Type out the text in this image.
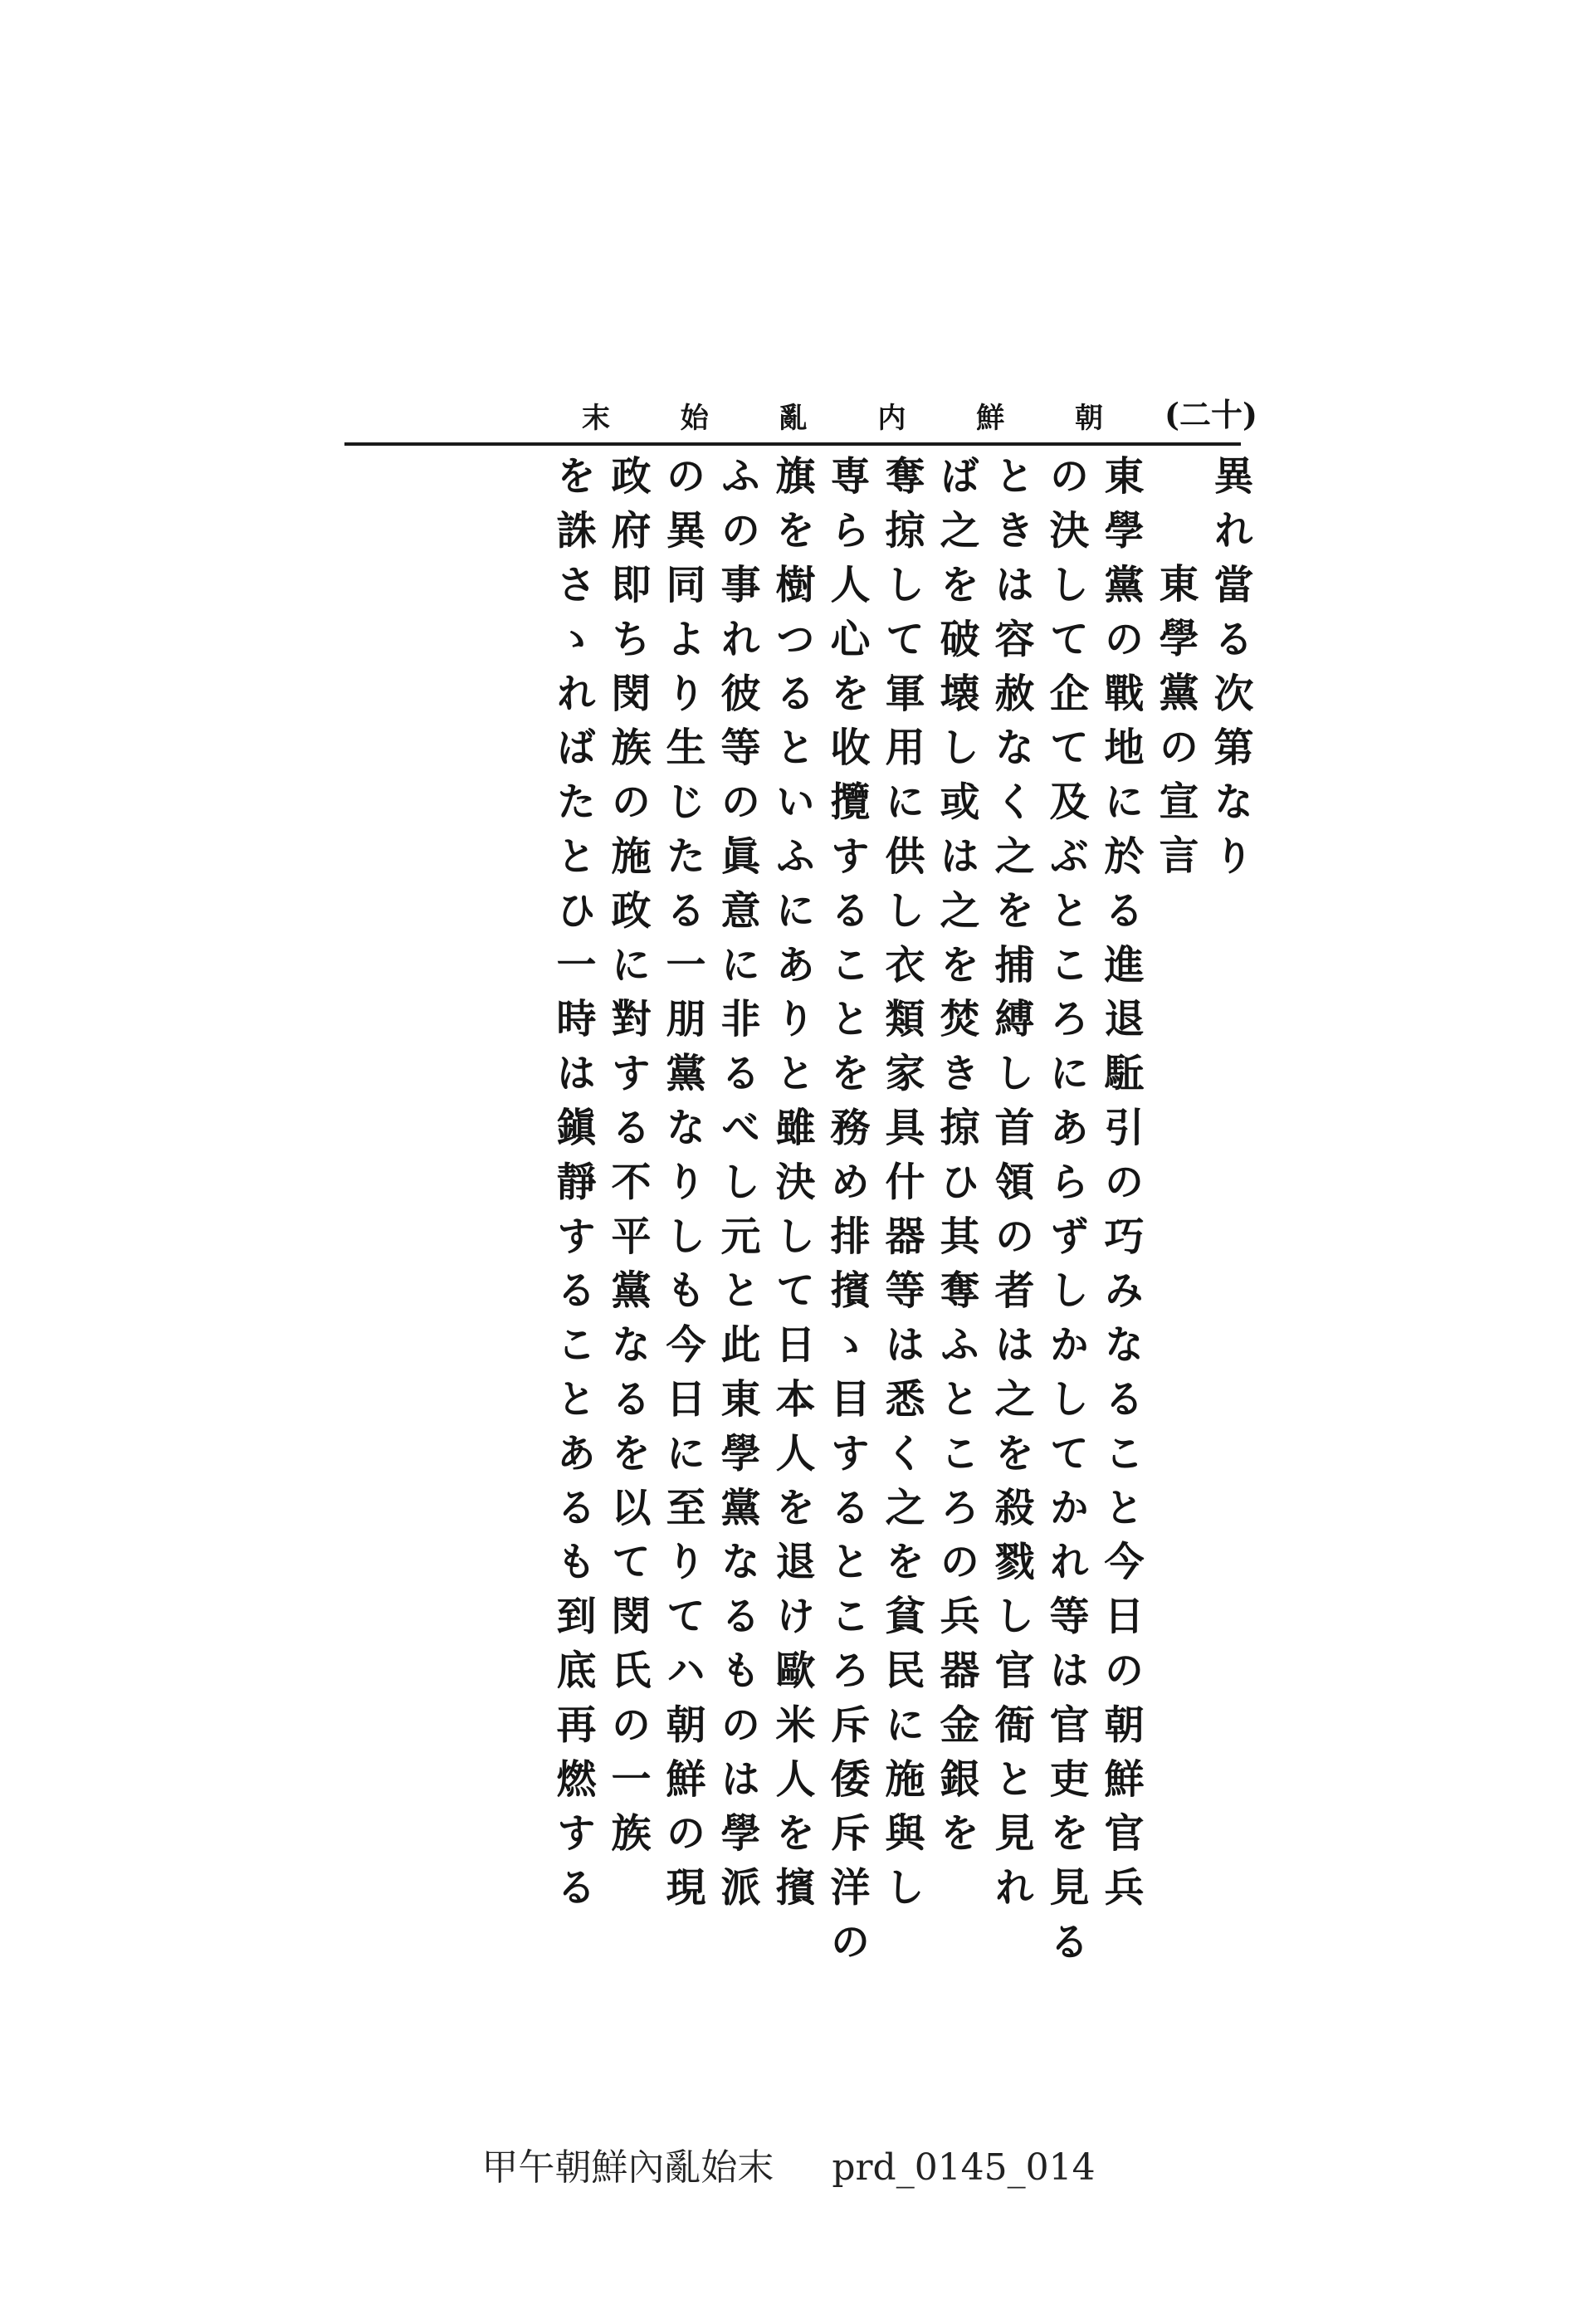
朝
鮮
内
亂
始
末	(二十)
異れ當る次第なり
東學黨の宣言
東學黨の戰地に於る進退駈引の巧みなること今日の朝鮮官兵
の決して企て及ぶところにあらずしかしてかれ等は官吏を見る
ときは容赦なく之を捕縛し首領の者は之を殺戮し官衙と見れ
ば之を破壊し或は之を焚き掠ひ其奪ふところの兵器金銀を
奪掠して軍用に供し衣類家具什器等は悉く之を貧民に施與し
専ら人心を收攬することを務め排擯ゝ目するところ斥倭斥洋の
旗を樹つるといふにありと雖決して日本人を退け歐米人を擯
ふの事れ彼等の眞意に非るべし元と此東學黨なるものは學派
の異同より生じたる一朋黨なりしも今日に至りてハ朝鮮の現
政府即ち閔族の施政に對する不平黨なるを以て閔氏の一族
を誅さゝればたとひ一時は鎭靜することあるも到底再燃する
甲午朝鮮內亂始末 prd_0145_014
